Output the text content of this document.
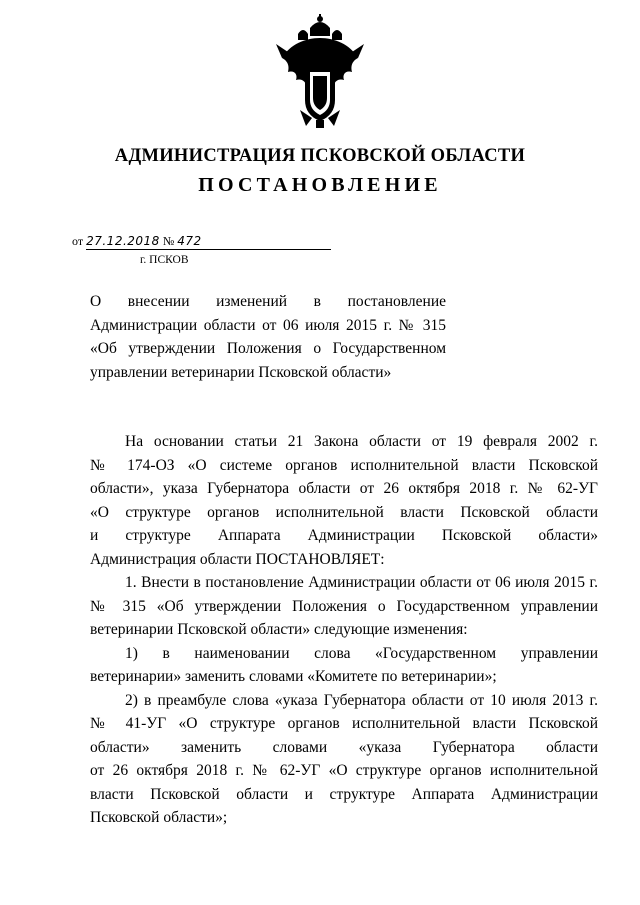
АДМИНИСТРАЦИЯ ПСКОВСКОЙ ОБЛАСТИ
ПОСТАНОВЛЕНИЕ
от 27.12.2018 № 472
г. ПСКОВ

О внесении изменений в постановление

Администрации области от 06 июля 2015 г. № 315

«Об утверждении Положения о Государственном

управлении ветеринарии Псковской области»

На основании статьи 21 Закона области от 19 февраля 2002 г.

№ 174-ОЗ «О системе органов исполнительной власти Псковской

области», указа Губернатора области от 26 октября 2018 г. № 62-УГ

«О структуре органов исполнительной власти Псковской области

и структуре Аппарата Администрации Псковской области»

Администрация области ПОСТАНОВЛЯЕТ:

1. Внести в постановление Администрации области от 06 июля 2015 г.

№ 315 «Об утверждении Положения о Государственном управлении

ветеринарии Псковской области» следующие изменения:

1) в наименовании слова «Государственном управлении

ветеринарии» заменить словами «Комитете по ветеринарии»;

2) в преамбуле слова «указа Губернатора области от 10 июля 2013 г.

№ 41-УГ «О структуре органов исполнительной власти Псковской

области» заменить словами «указа Губернатора области

от 26 октября 2018 г. № 62-УГ «О структуре органов исполнительной

власти Псковской области и структуре Аппарата Администрации

Псковской области»;
